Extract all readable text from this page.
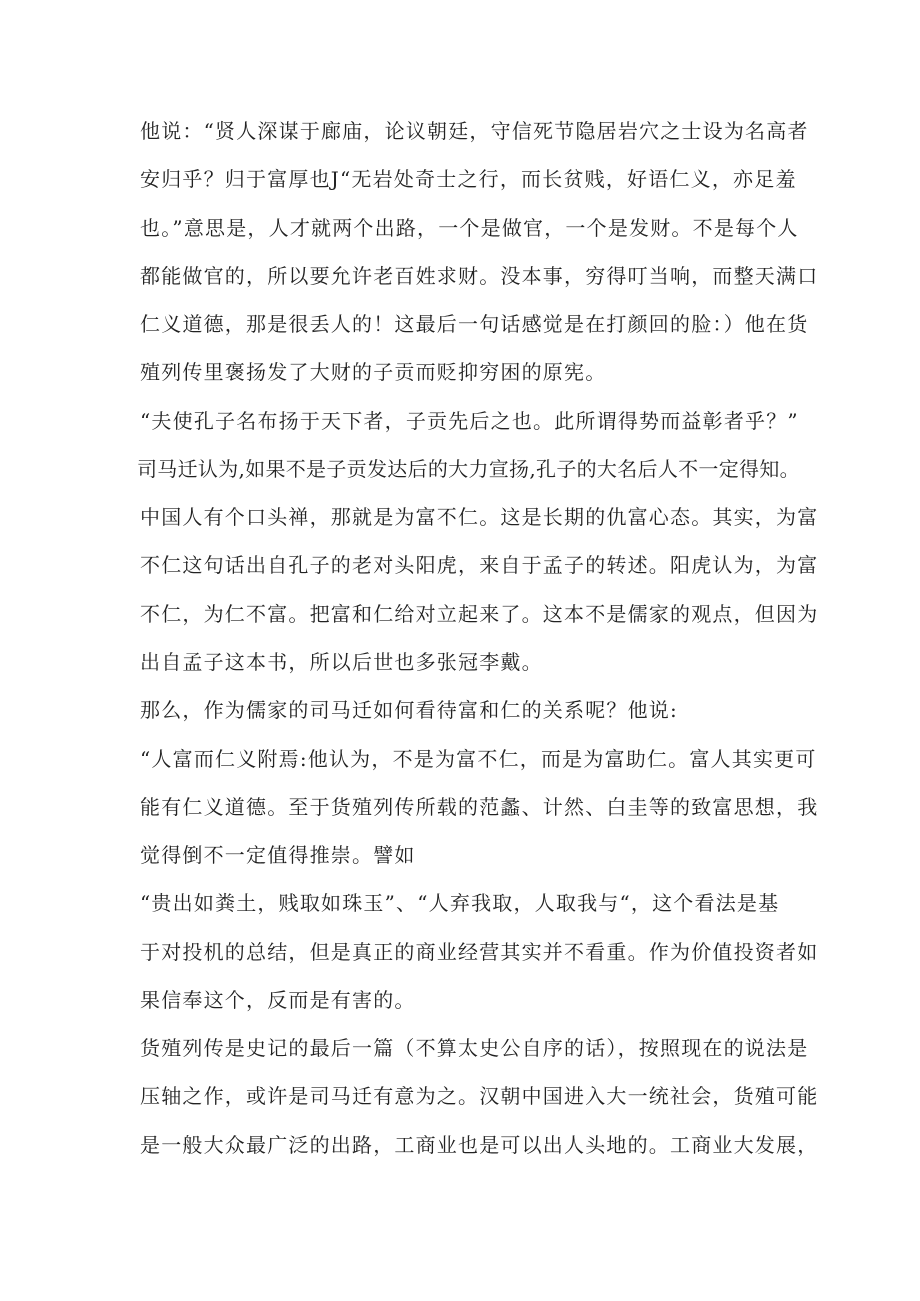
他说：“贤人深谋于廊庙，论议朝廷，守信死节隐居岩穴之士设为名高者
安归乎？归于富厚也J“无岩处奇士之行，而长贫贱，好语仁义，亦足羞
也。”意思是，人才就两个出路，一个是做官，一个是发财。不是每个人
都能做官的，所以要允许老百姓求财。没本事，穷得叮当响，而整天满口
仁义道德，那是很丢人的！这最后一句话感觉是在打颜回的脸：）他在货
殖列传里褒扬发了大财的子贡而贬抑穷困的原宪。
“夫使孔子名布扬于天下者，子贡先后之也。此所谓得势而益彰者乎？”
司马迁认为,如果不是子贡发达后的大力宣扬,孔子的大名后人不一定得知。
中国人有个口头禅，那就是为富不仁。这是长期的仇富心态。其实，为富
不仁这句话出自孔子的老对头阳虎，来自于孟子的转述。阳虎认为，为富
不仁，为仁不富。把富和仁给对立起来了。这本不是儒家的观点，但因为
出自孟子这本书，所以后世也多张冠李戴。
那么，作为儒家的司马迁如何看待富和仁的关系呢？他说:
“人富而仁义附焉:他认为，不是为富不仁，而是为富助仁。富人其实更可
能有仁义道德。至于货殖列传所载的范蠡、计然、白圭等的致富思想，我
觉得倒不一定值得推崇。譬如
“贵出如粪土，贱取如珠玉”、“人弃我取，人取我与“，这个看法是基
于对投机的总结，但是真正的商业经营其实并不看重。作为价值投资者如
果信奉这个，反而是有害的。
货殖列传是史记的最后一篇（不算太史公自序的话），按照现在的说法是
压轴之作，或许是司马迁有意为之。汉朝中国进入大一统社会，货殖可能
是一般大众最广泛的出路，工商业也是可以出人头地的。工商业大发展，
